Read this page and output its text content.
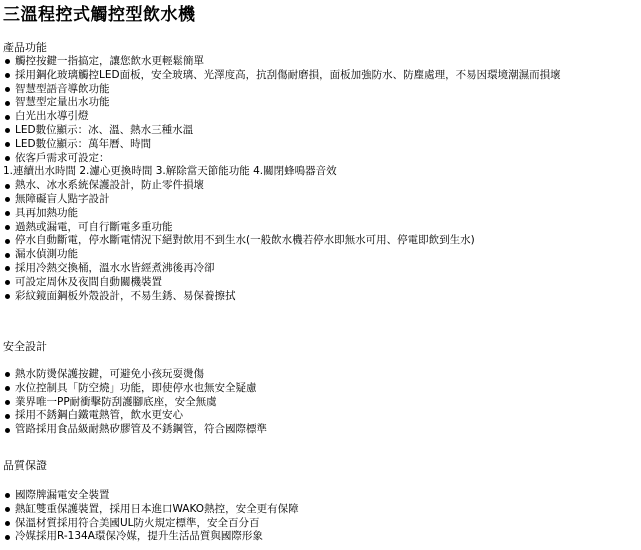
三溫程控式觸控型飲水機
產品功能
觸控按鍵一指搞定，讓您飲水更輕鬆簡單
採用鋼化玻璃觸控LED面板，安全玻璃、光澤度高，抗刮傷耐磨損，面板加強防水、防塵處理，不易因環境潮濕而損壞
智慧型語音導飲功能
智慧型定量出水功能
白光出水導引燈
LED數位顯示：冰、溫、熱水三種水溫
LED數位顯示：萬年曆、時間
依客戶需求可設定：
1.連續出水時間 2.濾心更換時間 3.解除當天節能功能 4.關閉蜂鳴器音效
熱水、冰水系統保護設計，防止零件損壞
無障礙盲人點字設計
具再加熱功能
過熱或漏電，可自行斷電多重功能
停水自動斷電，停水斷電情況下絕對飲用不到生水(一般飲水機若停水即無水可用、停電即飲到生水)
漏水偵測功能
採用冷熱交換桶，溫水水皆經煮沸後再冷卻
可設定周休及夜間自動關機裝置
彩紋鏡面鋼板外殼設計，不易生銹、易保養擦拭
安全設計
熱水防燙保護按鍵，可避免小孩玩耍燙傷
水位控制具「防空燒」功能，即使停水也無安全疑慮
業界唯一PP耐衝擊防刮護腳底座，安全無虞
採用不銹鋼白鐵電熱管，飲水更安心
管路採用食品級耐熱矽膠管及不銹鋼管，符合國際標準
品質保證
國際牌漏電安全裝置
熱缸雙重保護裝置，採用日本進口WAKO熱控，安全更有保障
保溫材質採用符合美國UL防火規定標準，安全百分百
冷媒採用R-134A環保冷媒，提升生活品質與國際形象
